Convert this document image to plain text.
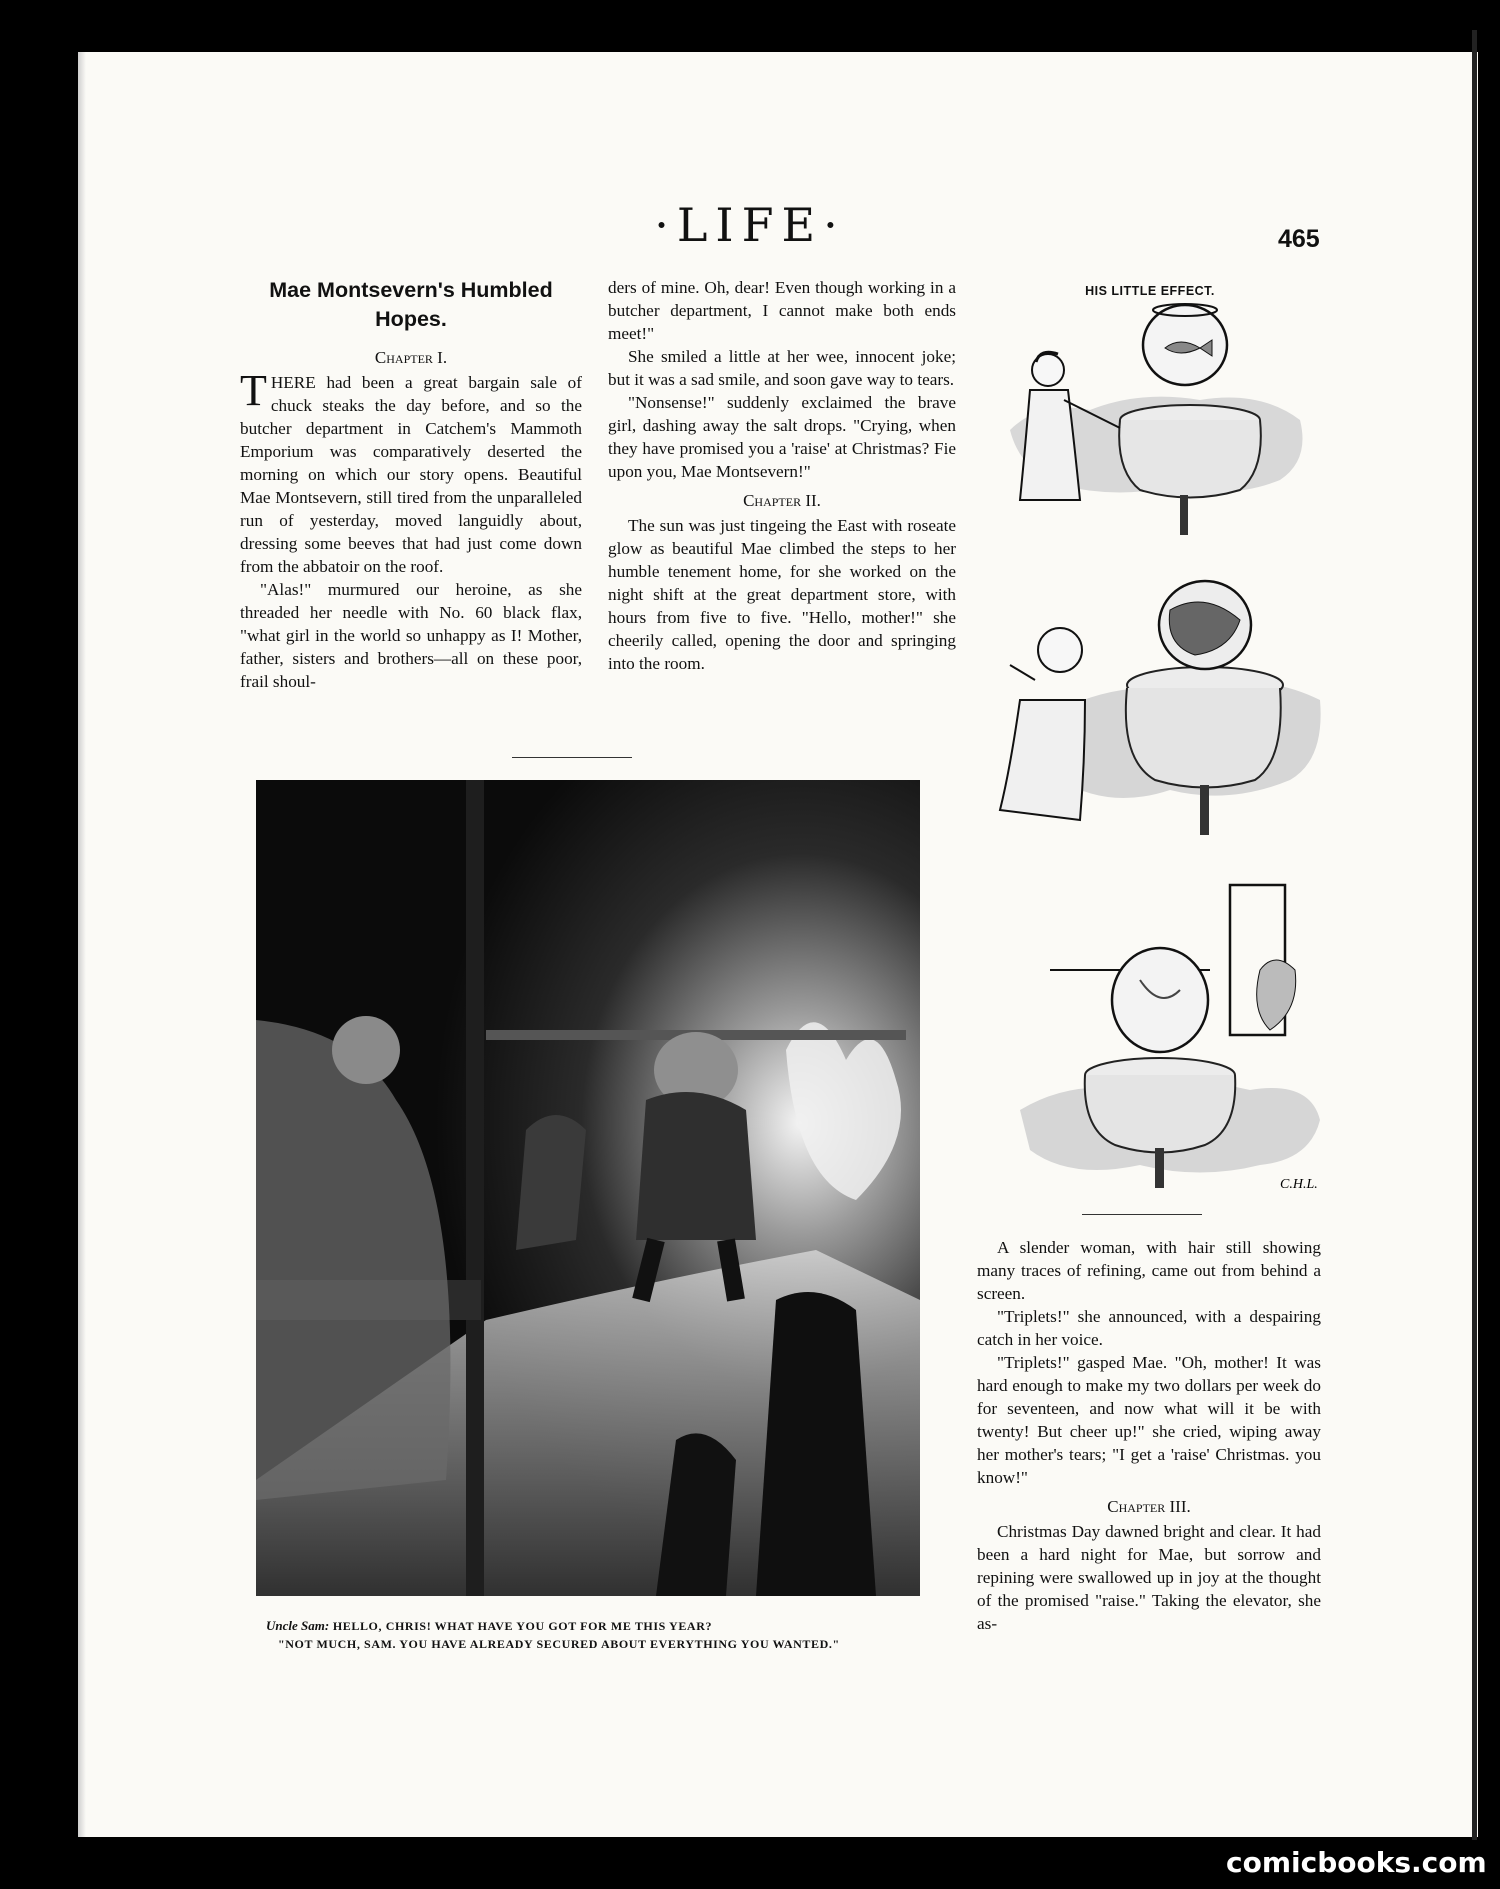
·LIFE·	465
Mae Montsevern's Humbled Hopes.
Chapter I.

THERE had been a great bargain sale of chuck steaks the day before, and so the butcher department in Catchem's Mammoth Emporium was comparatively deserted the morning on which our story opens. Beautiful Mae Montsevern, still tired from the unparalleled run of yesterday, moved languidly about, dressing some beeves that had just come down from the abbatoir on the roof.

"Alas!" murmured our heroine, as she threaded her needle with No. 60 black flax, "what girl in the world so unhappy as I! Mother, father, sisters and brothers—all on these poor, frail shoul-

ders of mine. Oh, dear! Even though working in a butcher department, I cannot make both ends meet!"

She smiled a little at her wee, innocent joke; but it was a sad smile, and soon gave way to tears.

"Nonsense!" suddenly exclaimed the brave girl, dashing away the salt drops. "Crying, when they have promised you a 'raise' at Christmas? Fie upon you, Mae Montsevern!"

Chapter II.

The sun was just tingeing the East with roseate glow as beautiful Mae climbed the steps to her humble tenement home, for she worked on the night shift at the great department store, with hours from five to five. "Hello, mother!" she cheerily called, opening the door and springing into the room.

HIS LITTLE EFFECT.
C.H.L.

A slender woman, with hair still showing many traces of refining, came out from behind a screen.

"Triplets!" she announced, with a despairing catch in her voice.

"Triplets!" gasped Mae. "Oh, mother! It was hard enough to make my two dollars per week do for seventeen, and now what will it be with twenty! But cheer up!" she cried, wiping away her mother's tears; "I get a 'raise' Christmas. you know!"

Chapter III.

Christmas Day dawned bright and clear. It had been a hard night for Mae, but sorrow and repining were swallowed up in joy at the thought of the promised "raise." Taking the elevator, she as-

Uncle Sam: HELLO, CHRIS! WHAT HAVE YOU GOT FOR ME THIS YEAR?
"NOT MUCH, SAM. YOU HAVE ALREADY SECURED ABOUT EVERYTHING YOU WANTED."
comicbooks.com
